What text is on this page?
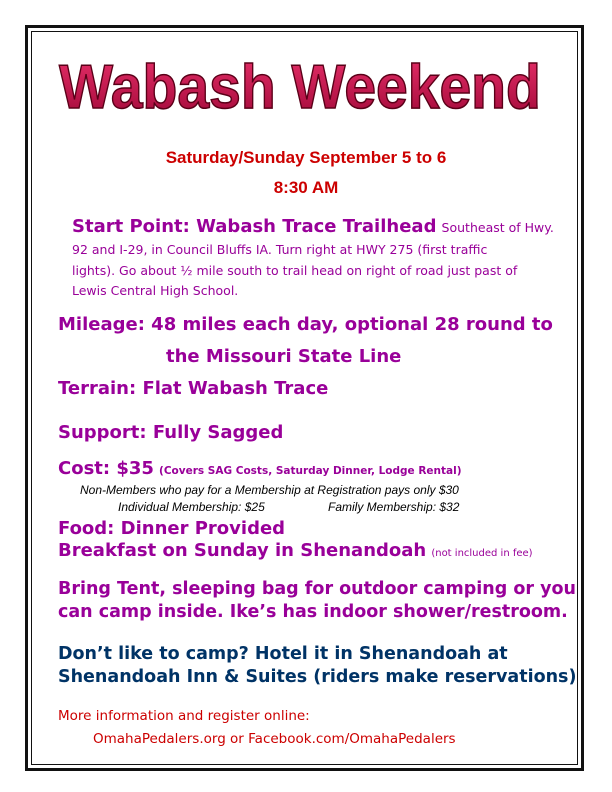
Wabash Weekend
Saturday/Sunday September 5 to 6
8:30 AM
Start Point: Wabash Trace Trailhead Southeast of Hwy.
92 and I-29, in Council Bluffs IA. Turn right at HWY 275 (first traffic
lights). Go about ½ mile south to trail head on right of road just past of
Lewis Central High School.
Mileage: 48 miles each day, optional 28 round to
the Missouri State Line
Terrain: Flat Wabash Trace
Support: Fully Sagged
Cost: $35 (Covers SAG Costs, Saturday Dinner, Lodge Rental)
Non-Members who pay for a Membership at Registration pays only $30
Individual Membership: $25	Family Membership: $32
Food: Dinner Provided
Breakfast on Sunday in Shenandoah (not included in fee)
Bring Tent, sleeping bag for outdoor camping or you
can camp inside. Ike’s has indoor shower/restroom.
Don’t like to camp? Hotel it in Shenandoah at
Shenandoah Inn & Suites (riders make reservations)
More information and register online:
OmahaPedalers.org or Facebook.com/OmahaPedalers
